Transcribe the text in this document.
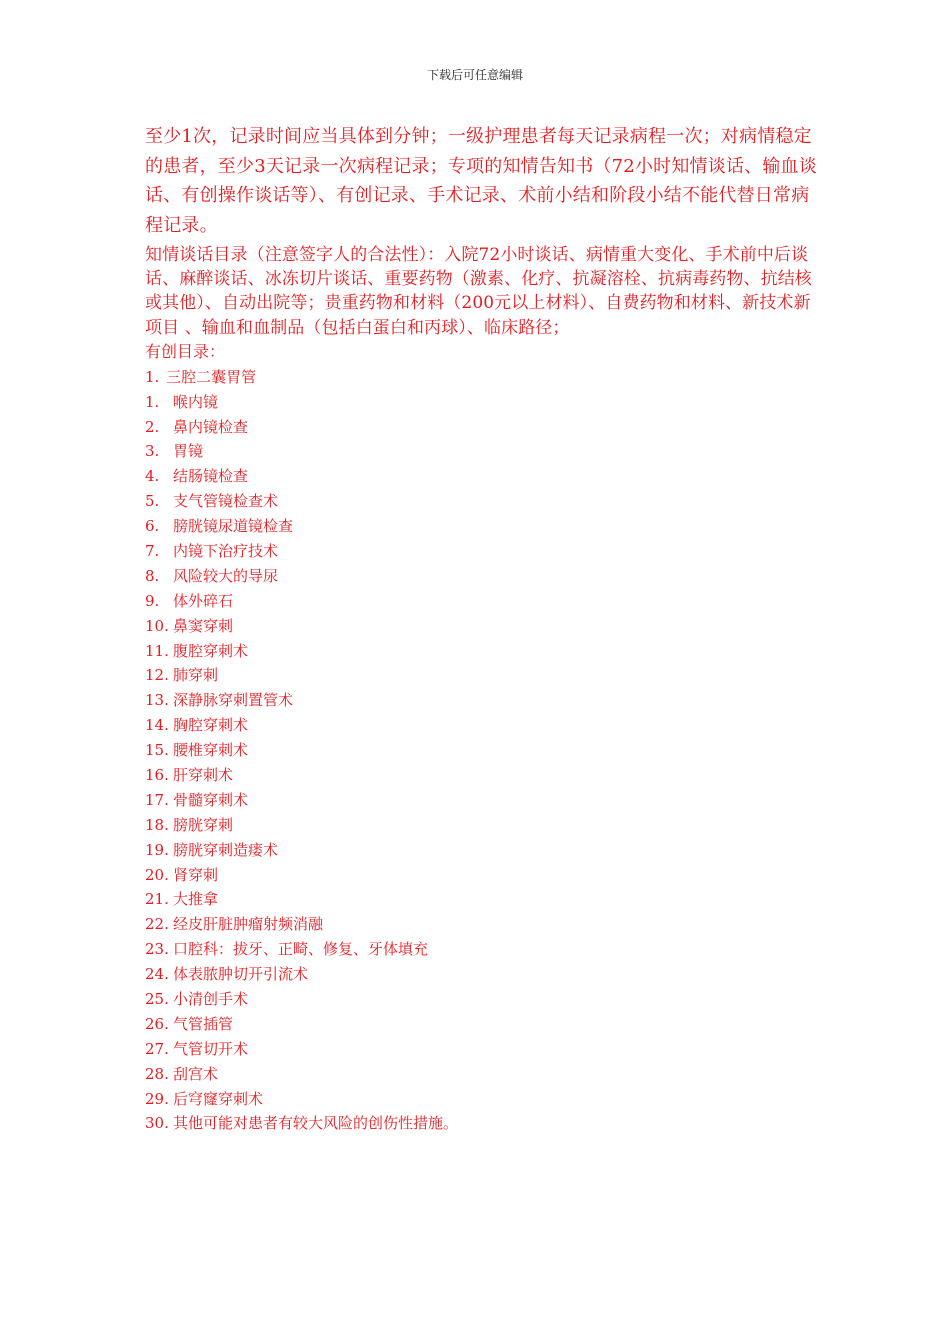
下载后可任意编辑

至少1次，记录时间应当具体到分钟；一级护理患者每天记录病程一次；对病情稳定的患者，至少3天记录一次病程记录；专项的知情告知书（72小时知情谈话、输血谈话、有创操作谈话等）、有创记录、手术记录、术前小结和阶段小结不能代替日常病程记录。

知情谈话目录（注意签字人的合法性）：入院72小时谈话、病情重大变化、手术前中后谈话、麻醉谈话、冰冻切片谈话、重要药物（激素、化疗、抗凝溶栓、抗病毒药物、抗结核或其他）、自动出院等；贵重药物和材料（200元以上材料）、自费药物和材料、新技术新项目 、输血和血制品（包括白蛋白和丙球）、临床路径；

有创目录：
1. 三腔二囊胃管
1. 喉内镜
2. 鼻内镜检查
3. 胃镜
4. 结肠镜检查
5. 支气管镜检查术
6. 膀胱镜尿道镜检查
7. 内镜下治疗技术
8. 风险较大的导尿
9. 体外碎石
10. 鼻窦穿刺
11. 腹腔穿刺术
12. 肺穿刺
13. 深静脉穿刺置管术
14. 胸腔穿刺术
15. 腰椎穿刺术
16. 肝穿刺术
17. 骨髓穿刺术
18. 膀胱穿刺
19. 膀胱穿刺造瘘术
20. 肾穿刺
21. 大推拿
22. 经皮肝脏肿瘤射频消融
23. 口腔科：拔牙、正畸、修复、牙体填充
24. 体表脓肿切开引流术
25. 小清创手术
26. 气管插管
27. 气管切开术
28. 刮宫术
29. 后穹窿穿刺术
30. 其他可能对患者有较大风险的创伤性措施。
